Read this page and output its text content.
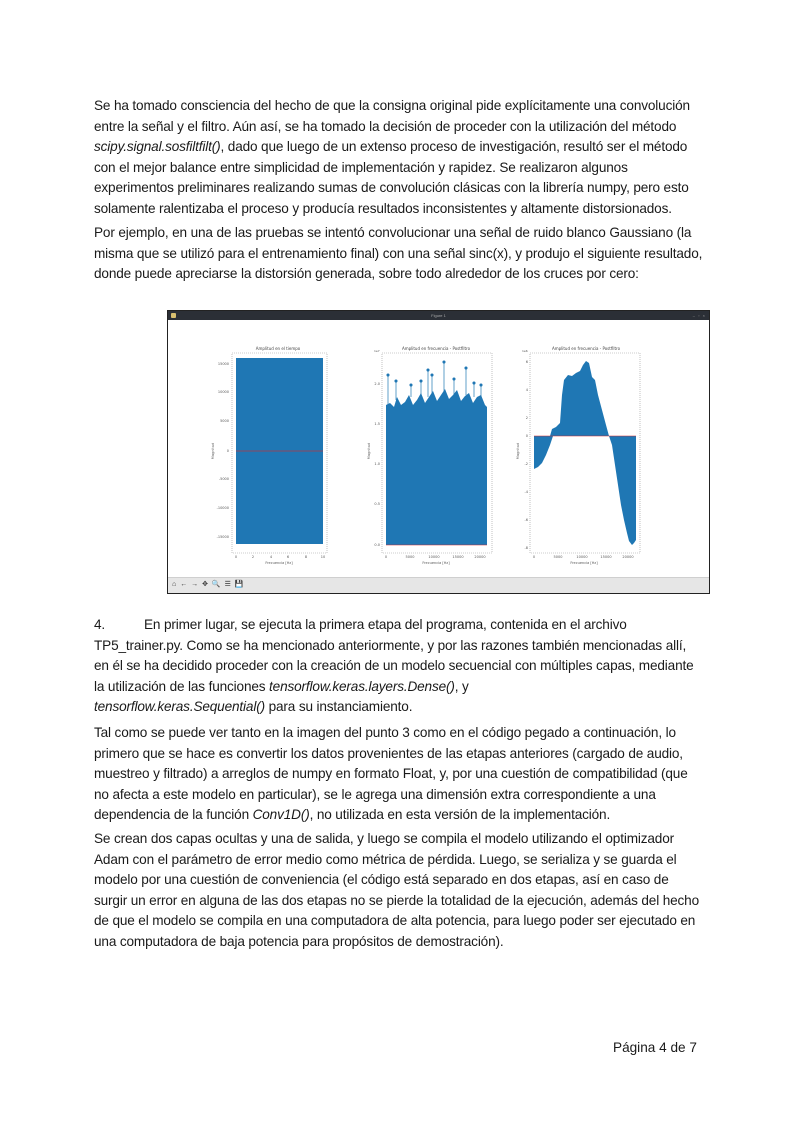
Se ha tomado consciencia del hecho de que la consigna original pide explícitamente una convolución entre la señal y el filtro. Aún así, se ha tomado la decisión de proceder con la utilización del método scipy.signal.sosfiltfilt(), dado que luego de un extenso proceso de investigación, resultó ser el método con el mejor balance entre simplicidad de implementación y rapidez. Se realizaron algunos experimentos preliminares realizando sumas de convolución clásicas con la librería numpy, pero esto solamente ralentizaba el proceso y producía resultados inconsistentes y altamente distorsionados.

Por ejemplo, en una de las pruebas se intentó convolucionar una señal de ruido blanco Gaussiano (la misma que se utilizó para el entrenamiento final) con una señal sinc(x), y produjo el siguiente resultado, donde puede apreciarse la distorsión generada, sobre todo alrededor de los cruces por cero:

Figure 1	– ▫ ×
Amplitud en el tiempo
15000
10000
5000
0
-5000
-10000
-15000
0	2	4	6	8	10
Frecuencia [Hz]
Magnitud
Amplitud en frecuencia - Postfiltro
1e7
2.0
1.5
1.0
0.5
0.0
0	5000	10000	15000	20000
Frecuencia [Hz]
Magnitud
Amplitud en frecuencia - Postfiltro
1e6
6
4
2
0
-2
-4
-6
-8
0	5000	10000	15000	20000
Frecuencia [Hz]
Magnitud
⌂ ← → ✥ 🔍 ☰ 💾

4.	En primer lugar, se ejecuta la primera etapa del programa, contenida en el archivo TP5_trainer.py. Como se ha mencionado anteriormente, y por las razones también mencionadas allí, en él se ha decidido proceder con la creación de un modelo secuencial con múltiples capas, mediante la utilización de las funciones tensorflow.keras.layers.Dense(), y
tensorflow.keras.Sequential() para su instanciamiento.

Tal como se puede ver tanto en la imagen del punto 3 como en el código pegado a continuación, lo primero que se hace es convertir los datos provenientes de las etapas anteriores (cargado de audio, muestreo y filtrado) a arreglos de numpy en formato Float, y, por una cuestión de compatibilidad (que no afecta a este modelo en particular), se le agrega una dimensión extra correspondiente a una dependencia de la función Conv1D(), no utilizada en esta versión de la implementación.

Se crean dos capas ocultas y una de salida, y luego se compila el modelo utilizando el optimizador Adam con el parámetro de error medio como métrica de pérdida. Luego, se serializa y se guarda el modelo por una cuestión de conveniencia (el código está separado en dos etapas, así en caso de surgir un error en alguna de las dos etapas no se pierde la totalidad de la ejecución, además del hecho de que el modelo se compila en una computadora de alta potencia, para luego poder ser ejecutado en una computadora de baja potencia para propósitos de demostración).

Página 4 de 7
